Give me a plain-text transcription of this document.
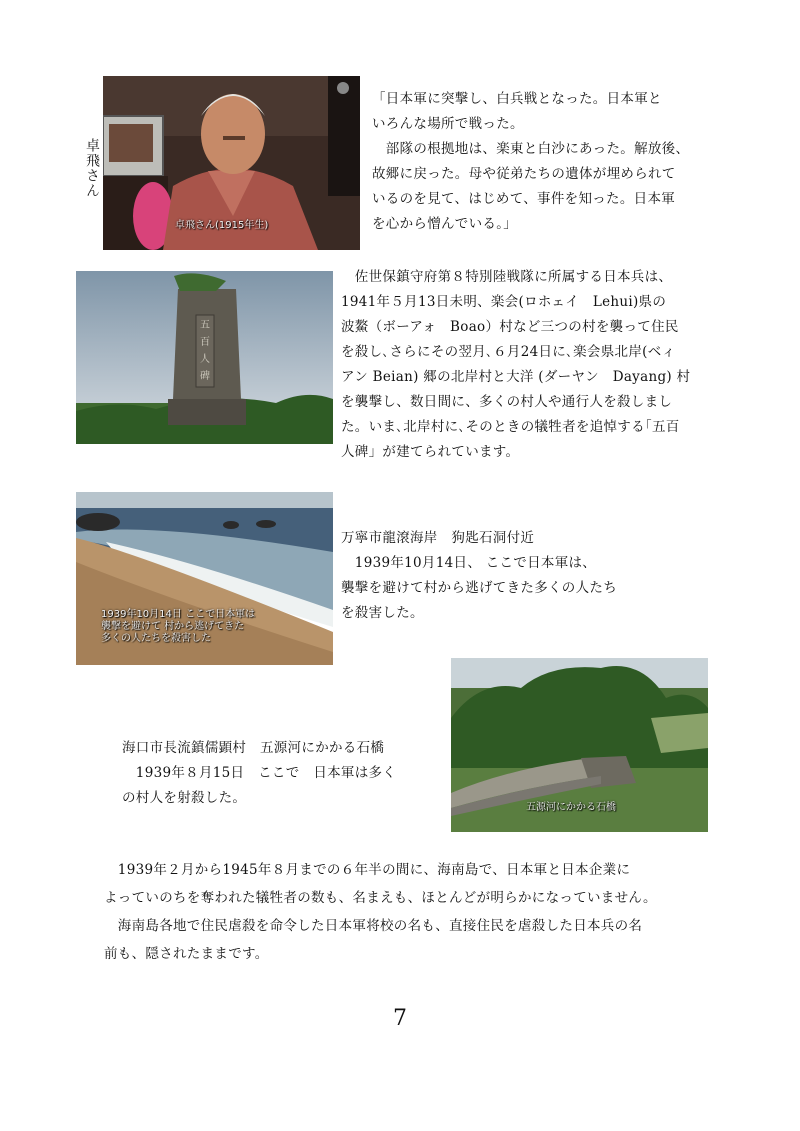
卓飛さん
卓飛さん(1915年生)
「日本軍に突撃し、白兵戦となった。日本軍と
いろんな場所で戦った。
　部隊の根拠地は、楽東と白沙にあった。解放後、
故郷に戻った。母や従弟たちの遺体が埋められて
いるのを見て、はじめて、事件を知った。日本軍
を心から憎んでいる。」
五百人碑
　佐世保鎮守府第８特別陸戦隊に所属する日本兵は、
1941年５月13日未明、楽会(ロホェイ　Lehui)県の
波鰲（ボーアォ　Boao）村など三つの村を襲って住民
を殺し､さらにその翌月､６月24日に､楽会県北岸(ベィ
アン Beian) 郷の北岸村と大洋 (ダーヤン　Dayang) 村
を襲撃し、数日間に、多くの村人や通行人を殺しまし
た。いま､北岸村に､そのときの犠牲者を追悼する｢五百
人碑」が建てられています。
1939年10月14日 ここで日本軍は
襲撃を避けて 村から逃げてきた
多くの人たちを殺害した
万寧市龍滾海岸　狗匙石洞付近
　1939年10月14日、 ここで日本軍は、
襲撃を避けて村から逃げてきた多くの人たち
を殺害した。
海口市長流鎮儒顕村　五源河にかかる石橋
　1939年８月15日　ここで　日本軍は多く
の村人を射殺した。
五源河にかかる石橋
　1939年２月から1945年８月までの６年半の間に、海南島で、日本軍と日本企業に
よっていのちを奪われた犠牲者の数も、名まえも、ほとんどが明らかになっていません。
　海南島各地で住民虐殺を命令した日本軍将校の名も、直接住民を虐殺した日本兵の名
前も、隠されたままです。
7
